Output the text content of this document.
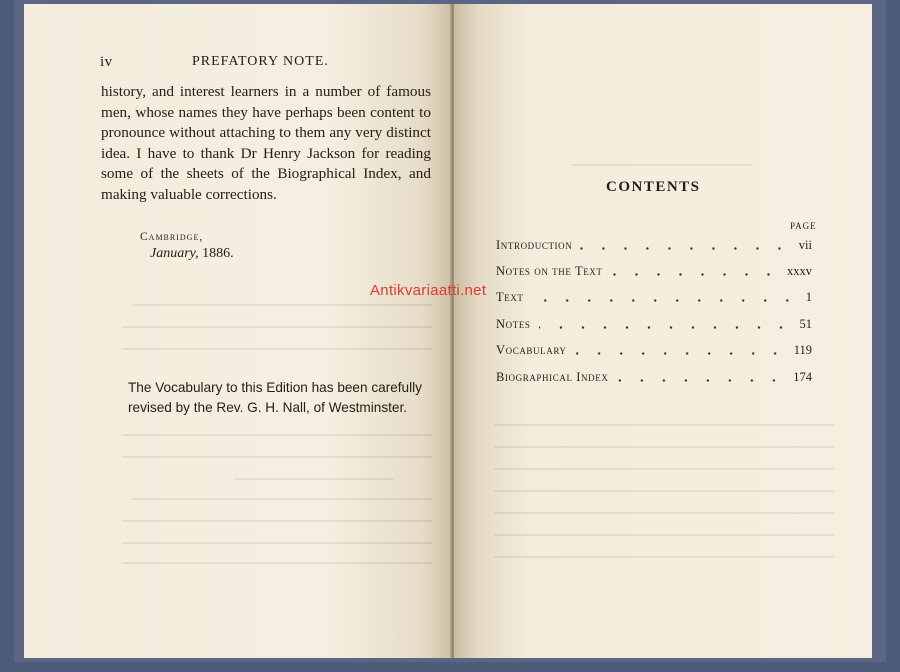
iv	PREFATORY NOTE.
history, and interest learners in a number of famous
men, whose names they have perhaps been content to
pronounce without attaching to them any very distinct
idea. I have to thank Dr Henry Jackson for reading
some of the sheets of the Biographical Index, and
making valuable corrections.
Cambridge,
January, 1886.
The Vocabulary to this Edition has been carefully
revised by the Rev. G. H. Nall, of Westminster.
CONTENTS
PAGE
Introduction	vii
Notes on the Text	xxxv
Text	1
Notes	51
Vocabulary	119
Biographical Index	174
Antikvariaatti.net
